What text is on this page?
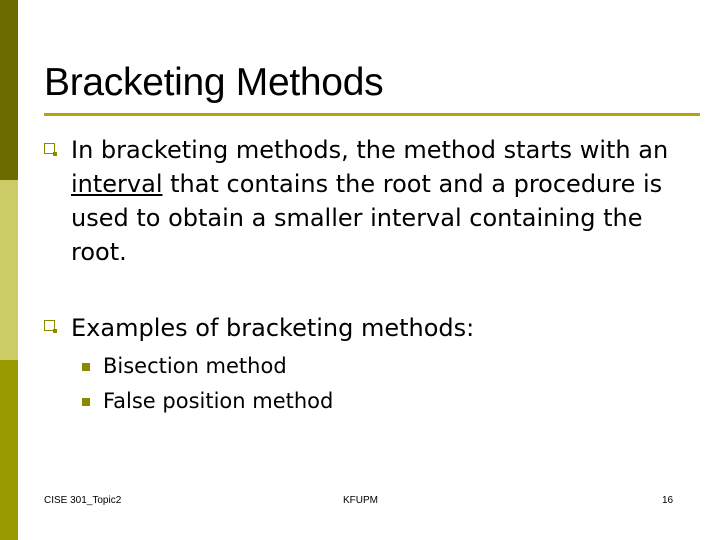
Bracketing Methods
In bracketing methods, the method starts with an interval that contains the root and a procedure is used to obtain a smaller interval containing the root.
Examples of bracketing methods:
Bisection method
False position method
CISE 301_Topic2	KFUPM	16
